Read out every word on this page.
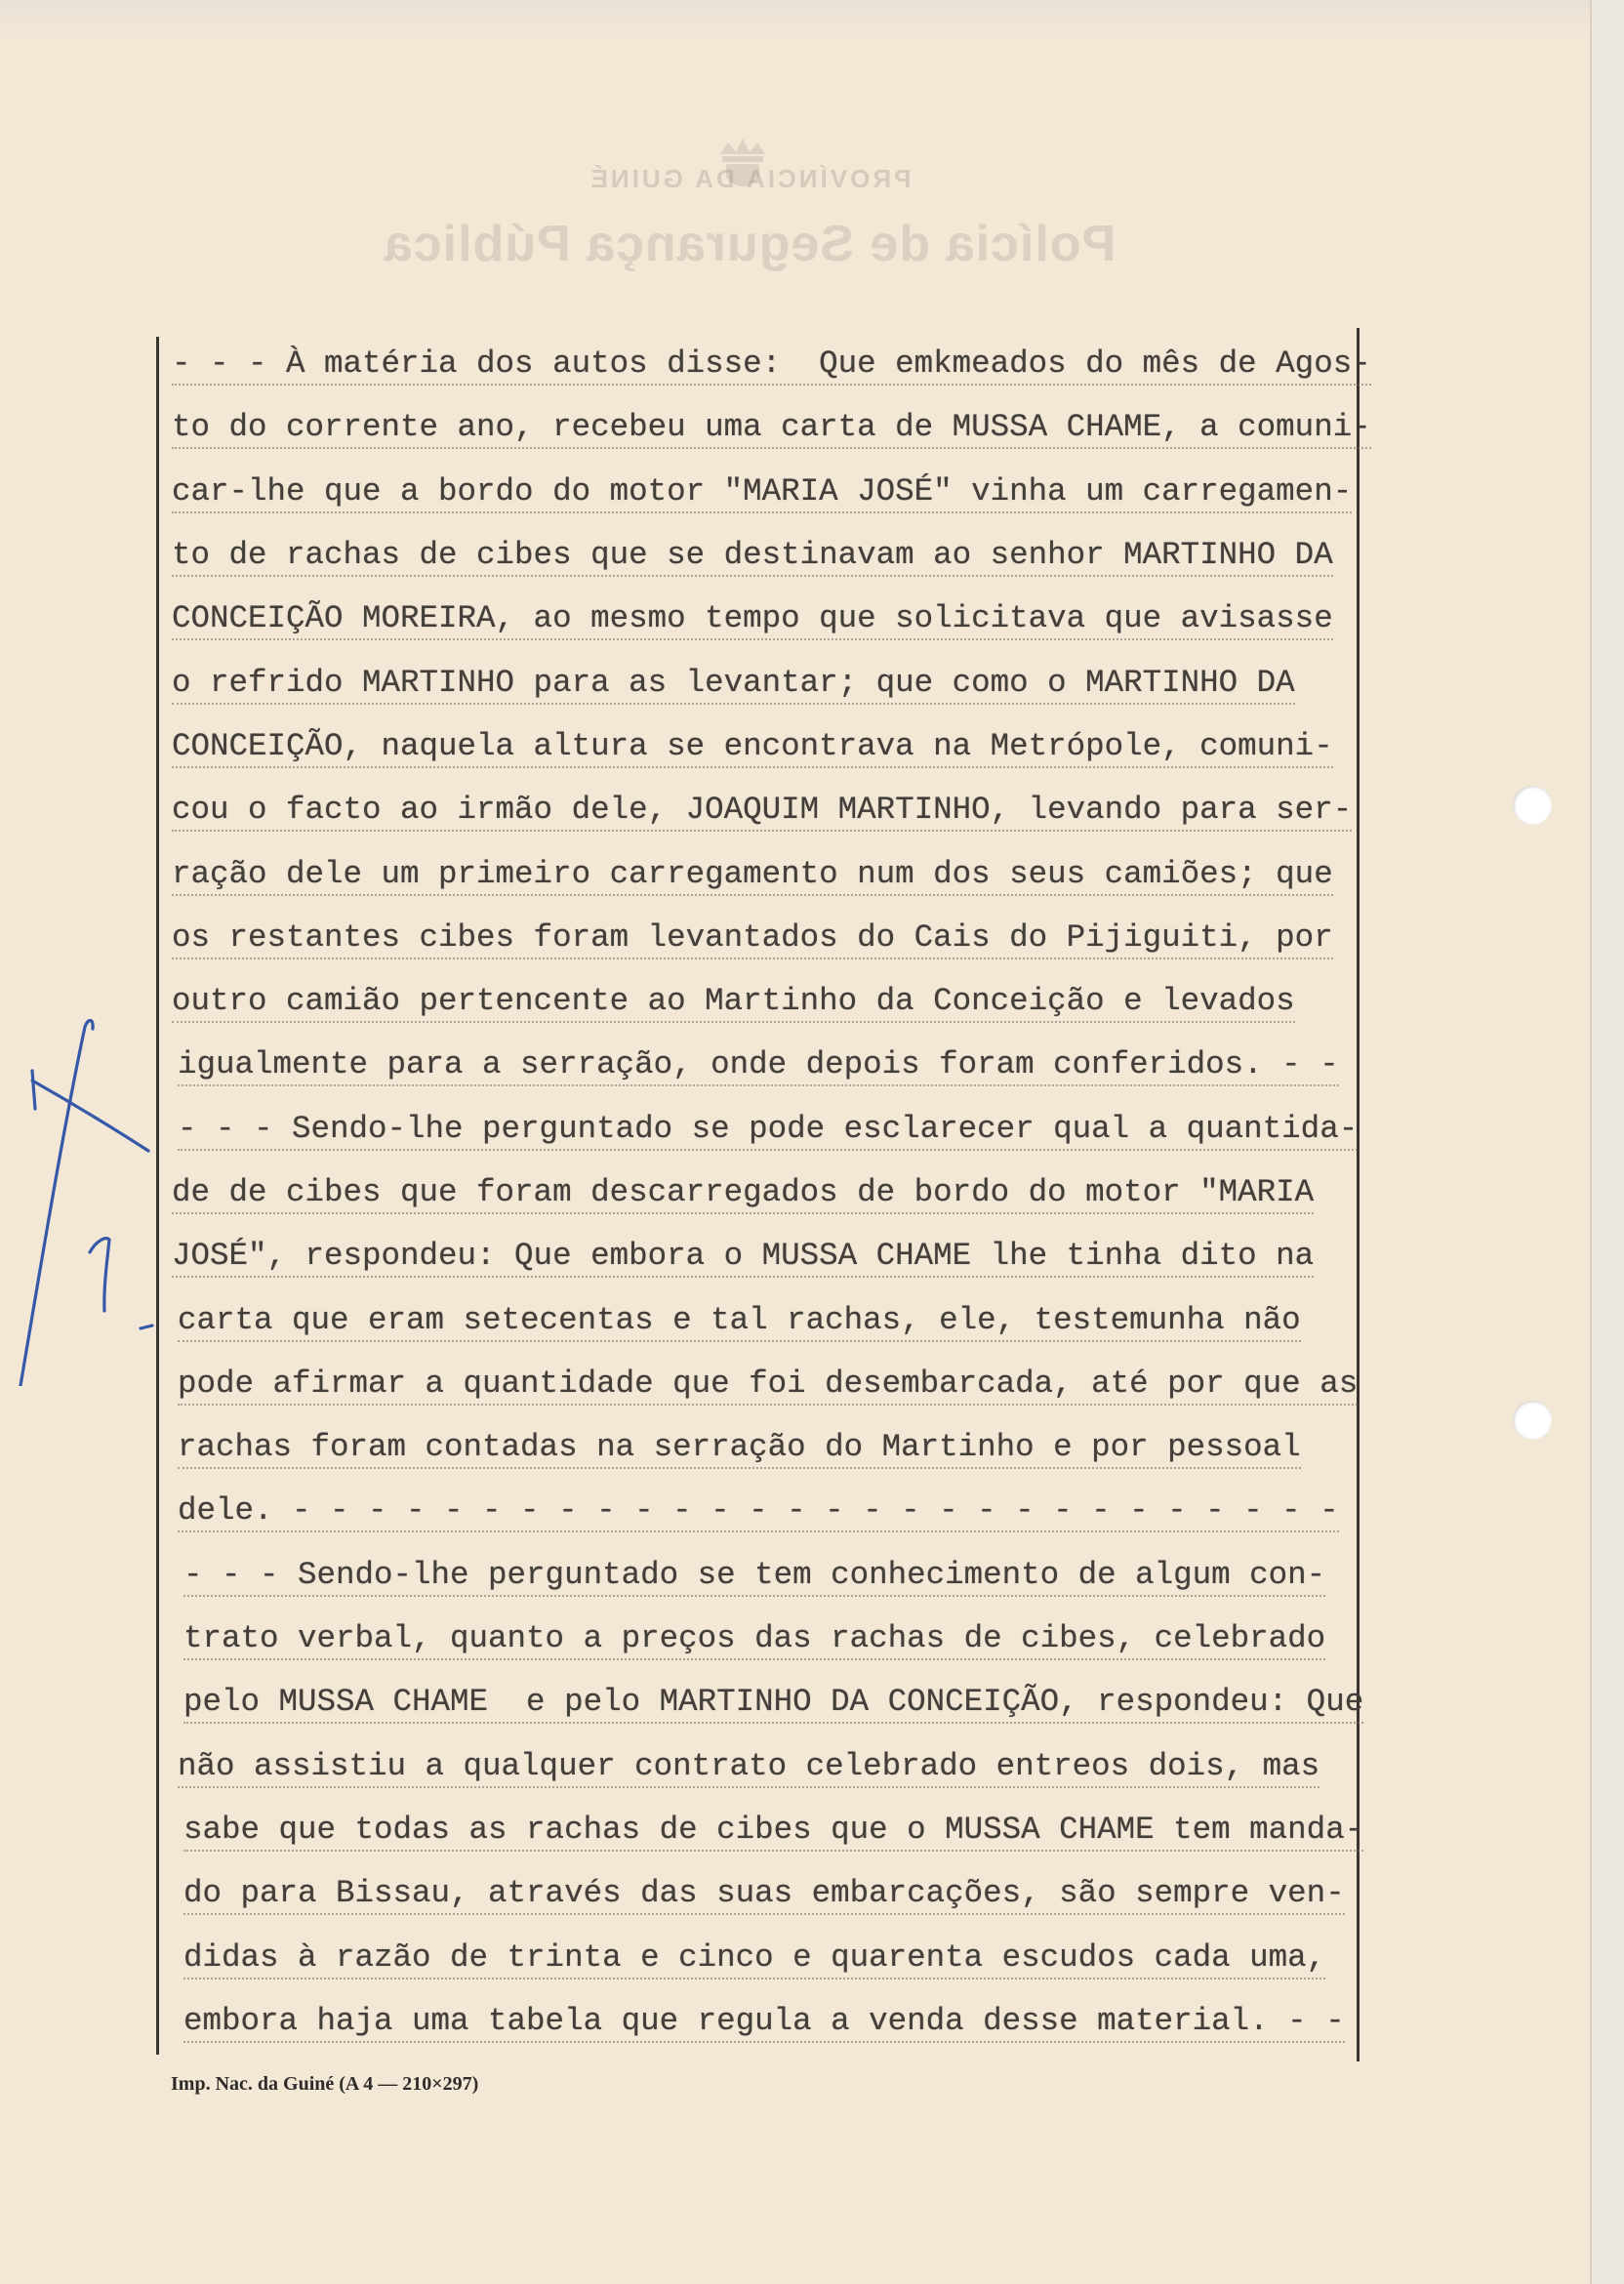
PROVÍNCIA DA GUINÉ
Polícia de Segurança Pública
- - - À matéria dos autos disse:  Que emkmeados do mês de Agos-
to do corrente ano, recebeu uma carta de MUSSA CHAME, a comuni-
car-lhe que a bordo do motor "MARIA JOSÉ" vinha um carregamen-
to de rachas de cibes que se destinavam ao senhor MARTINHO DA
CONCEIÇÃO MOREIRA, ao mesmo tempo que solicitava que avisasse
o refrido MARTINHO para as levantar; que como o MARTINHO DA
CONCEIÇÃO, naquela altura se encontrava na Metrópole, comuni-
cou o facto ao irmão dele, JOAQUIM MARTINHO, levando para ser-
ração dele um primeiro carregamento num dos seus camiões; que
os restantes cibes foram levantados do Cais do Pijiguiti, por
outro camião pertencente ao Martinho da Conceição e levados
igualmente para a serração, onde depois foram conferidos. - -
- - - Sendo-lhe perguntado se pode esclarecer qual a quantida-
de de cibes que foram descarregados de bordo do motor "MARIA
JOSÉ", respondeu: Que embora o MUSSA CHAME lhe tinha dito na
carta que eram setecentas e tal rachas, ele, testemunha não
pode afirmar a quantidade que foi desembarcada, até por que as
rachas foram contadas na serração do Martinho e por pessoal
dele. - - - - - - - - - - - - - - - - - - - - - - - - - - - -
- - - Sendo-lhe perguntado se tem conhecimento de algum con-
trato verbal, quanto a preços das rachas de cibes, celebrado
pelo MUSSA CHAME  e pelo MARTINHO DA CONCEIÇÃO, respondeu: Que
não assistiu a qualquer contrato celebrado entreos dois, mas
sabe que todas as rachas de cibes que o MUSSA CHAME tem manda-
do para Bissau, através das suas embarcações, são sempre ven-
didas à razão de trinta e cinco e quarenta escudos cada uma,
embora haja uma tabela que regula a venda desse material. - -
Imp. Nac. da Guiné (A 4 — 210×297)
